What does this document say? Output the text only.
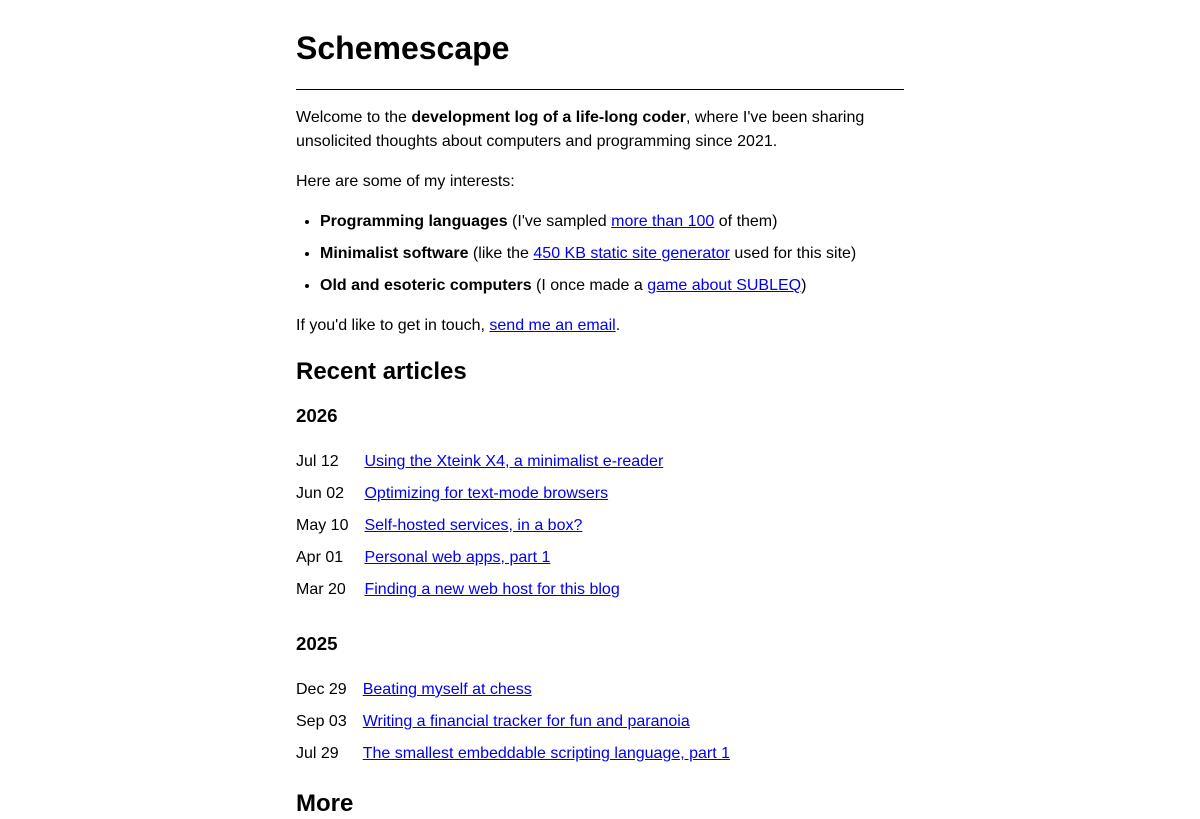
Schemescape

Welcome to the development log of a life-long coder, where I've been sharing unsolicited thoughts about computers and programming since 2021.

Here are some of my interests:

• Programming languages (I've sampled more than 100 of them)
• Minimalist software (like the 450 KB static site generator used for this site)
• Old and esoteric computers (I once made a game about SUBLEQ)

If you'd like to get in touch, send me an email.

Recent articles
2026
Jul 12	Using the Xteink X4, a minimalist e-reader
Jun 02	Optimizing for text-mode browsers
May 10	Self-hosted services, in a box?
Apr 01	Personal web apps, part 1
Mar 20	Finding a new web host for this blog
2025
Dec 29	Beating myself at chess
Sep 03	Writing a financial tracker for fun and paranoia
Jul 29	The smallest embeddable scripting language, part 1
More
